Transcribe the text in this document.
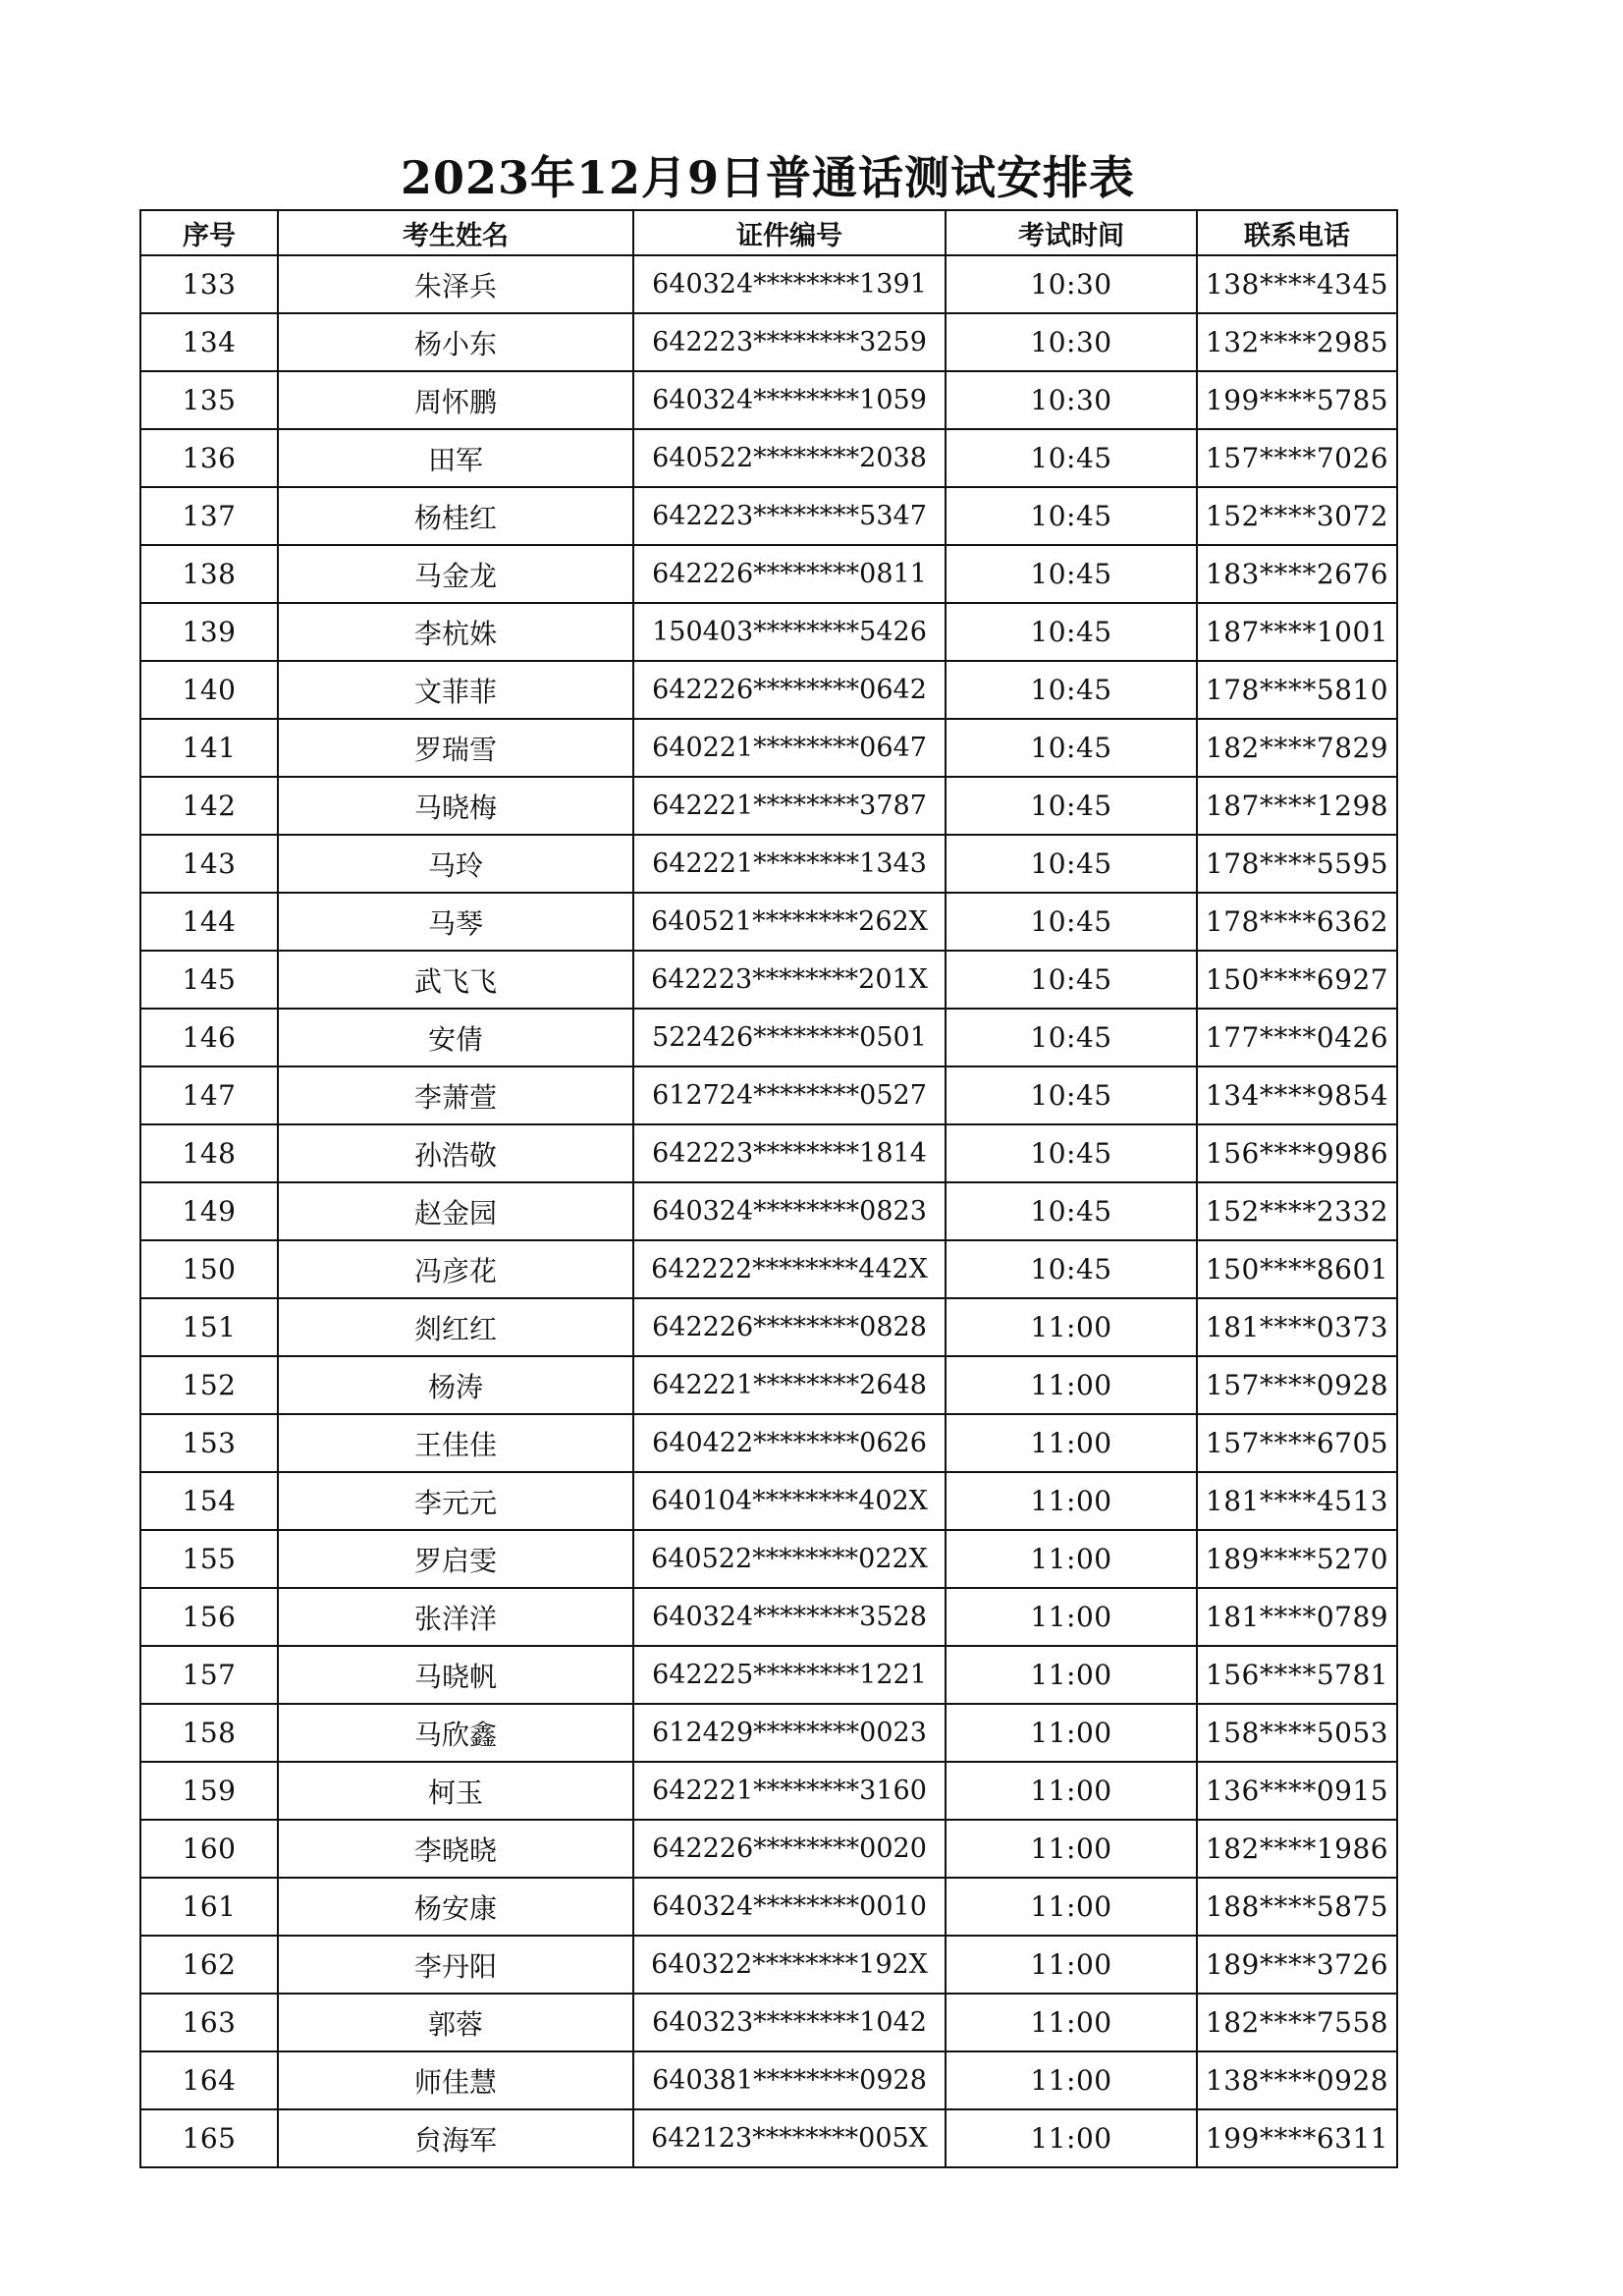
2023年12月9日普通话测试安排表
序号	考生姓名	证件编号	考试时间	联系电话
133	朱泽兵	640324********1391	10:30	138****4345
134	杨小东	642223********3259	10:30	132****2985
135	周怀鹏	640324********1059	10:30	199****5785
136	田军	640522********2038	10:45	157****7026
137	杨桂红	642223********5347	10:45	152****3072
138	马金龙	642226********0811	10:45	183****2676
139	李杭姝	150403********5426	10:45	187****1001
140	文菲菲	642226********0642	10:45	178****5810
141	罗瑞雪	640221********0647	10:45	182****7829
142	马晓梅	642221********3787	10:45	187****1298
143	马玲	642221********1343	10:45	178****5595
144	马琴	640521********262X	10:45	178****6362
145	武飞飞	642223********201X	10:45	150****6927
146	安倩	522426********0501	10:45	177****0426
147	李萧萱	612724********0527	10:45	134****9854
148	孙浩敬	642223********1814	10:45	156****9986
149	赵金园	640324********0823	10:45	152****2332
150	冯彦花	642222********442X	10:45	150****8601
151	剡红红	642226********0828	11:00	181****0373
152	杨涛	642221********2648	11:00	157****0928
153	王佳佳	640422********0626	11:00	157****6705
154	李元元	640104********402X	11:00	181****4513
155	罗启雯	640522********022X	11:00	189****5270
156	张洋洋	640324********3528	11:00	181****0789
157	马晓帆	642225********1221	11:00	156****5781
158	马欣鑫	612429********0023	11:00	158****5053
159	柯玉	642221********3160	11:00	136****0915
160	李晓晓	642226********0020	11:00	182****1986
161	杨安康	640324********0010	11:00	188****5875
162	李丹阳	640322********192X	11:00	189****3726
163	郭蓉	640323********1042	11:00	182****7558
164	师佳慧	640381********0928	11:00	138****0928
165	贠海军	642123********005X	11:00	199****6311
